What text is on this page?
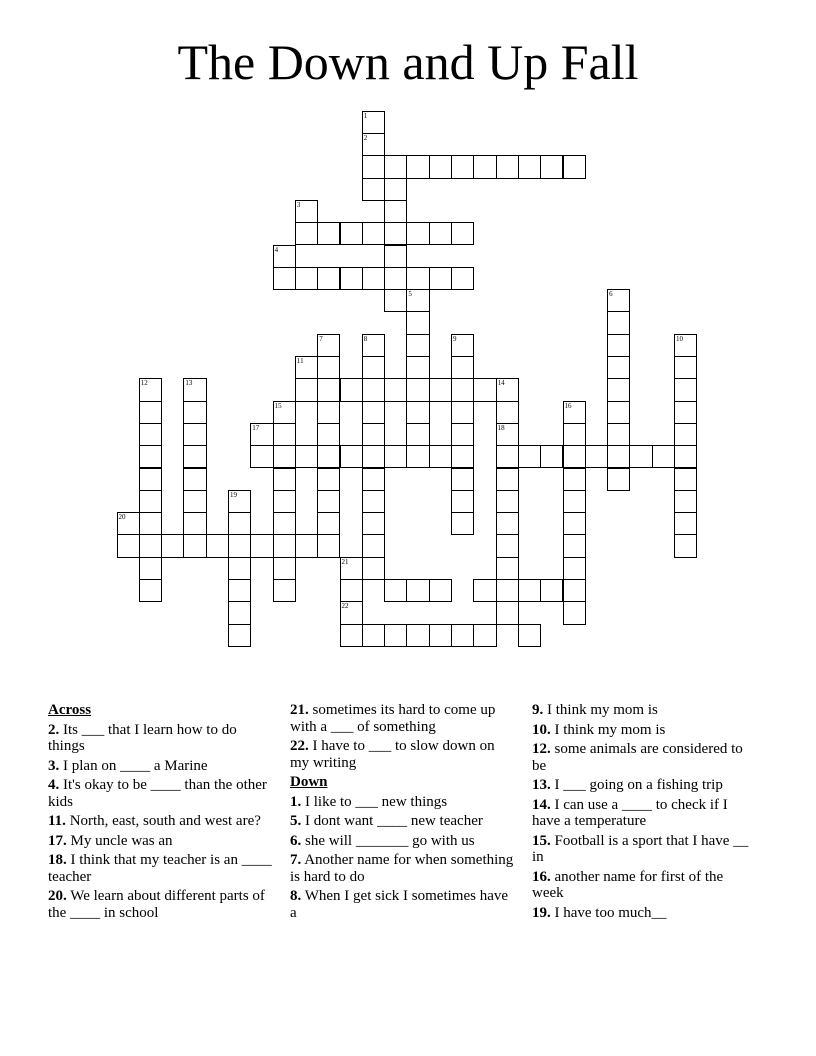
The Down and Up Fall
18
1
2
3
4
5	6
7	8	9	10
11
12	13	14
15	16
17
19
20
21
22
Across
2. Its ___ that I learn how to do things
3. I plan on ____ a Marine
4. It's okay to be ____ than the other kids
11. North, east, south and west are?
17. My uncle was an
18. I think that my teacher is an ____ teacher
20. We learn about different parts of the ____ in school
21. sometimes its hard to come up with a ___ of something
22. I have to ___ to slow down on my writing
Down
1. I like to ___ new things
5. I dont want ____ new teacher
6. she will _______ go with us
7. Another name for when something is hard to do
8. When I get sick I sometimes have a
9. I think my mom is
10. I think my mom is
12. some animals are considered to be
13. I ___ going on a fishing trip
14. I can use a ____ to check if I have a temperature
15. Football is a sport that I have __ in
16. another name for first of the week
19. I have too much__
